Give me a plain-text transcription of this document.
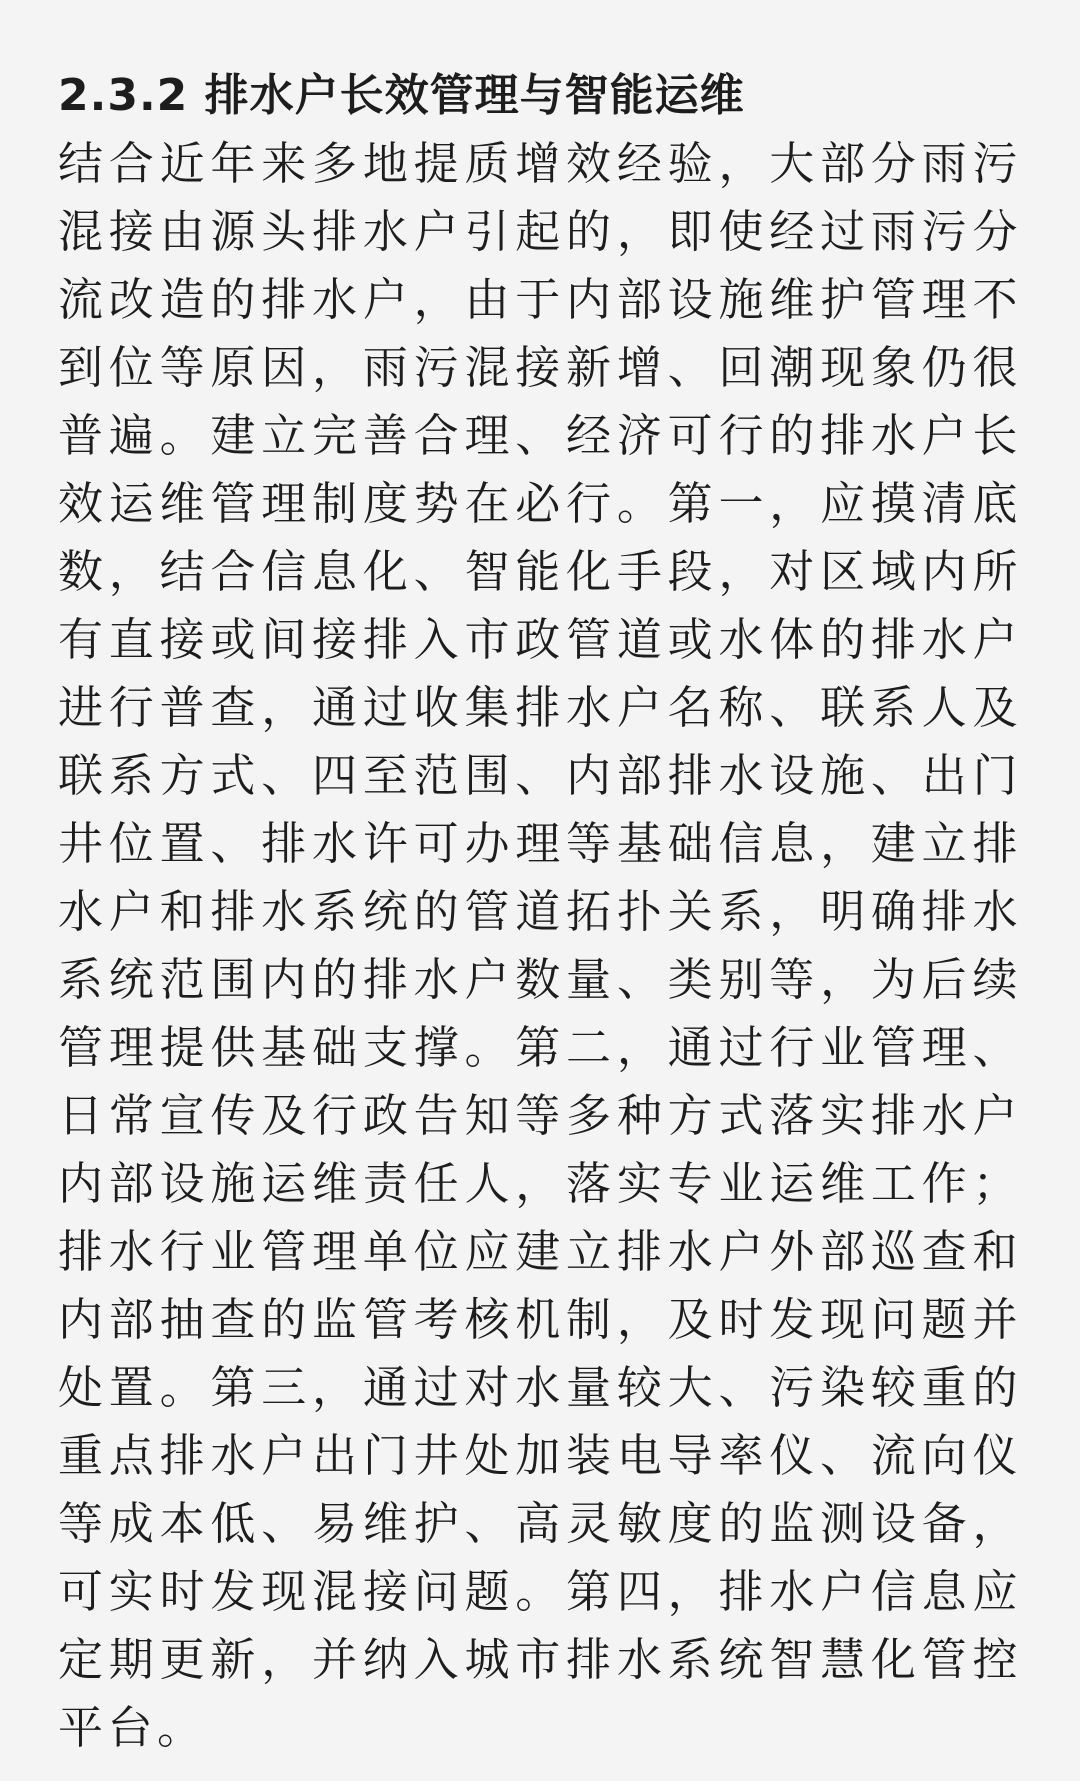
2.3.2 排水户长效管理与智能运维

结合近年来多地提质增效经验，大部分雨污混接由源头排水户引起的，即使经过雨污分流改造的排水户，由于内部设施维护管理不到位等原因，雨污混接新增、回潮现象仍很普遍。建立完善合理、经济可行的排水户长效运维管理制度势在必行。第一，应摸清底数，结合信息化、智能化手段，对区域内所有直接或间接排入市政管道或水体的排水户进行普查，通过收集排水户名称、联系人及联系方式、四至范围、内部排水设施、出门井位置、排水许可办理等基础信息，建立排水户和排水系统的管道拓扑关系，明确排水系统范围内的排水户数量、类别等，为后续管理提供基础支撑。第二，通过行业管理、日常宣传及行政告知等多种方式落实排水户内部设施运维责任人，落实专业运维工作；排水行业管理单位应建立排水户外部巡查和内部抽查的监管考核机制，及时发现问题并处置。第三，通过对水量较大、污染较重的重点排水户出门井处加装电导率仪、流向仪等成本低、易维护、高灵敏度的监测设备，可实时发现混接问题。第四，排水户信息应定期更新，并纳入城市排水系统智慧化管控平台。
